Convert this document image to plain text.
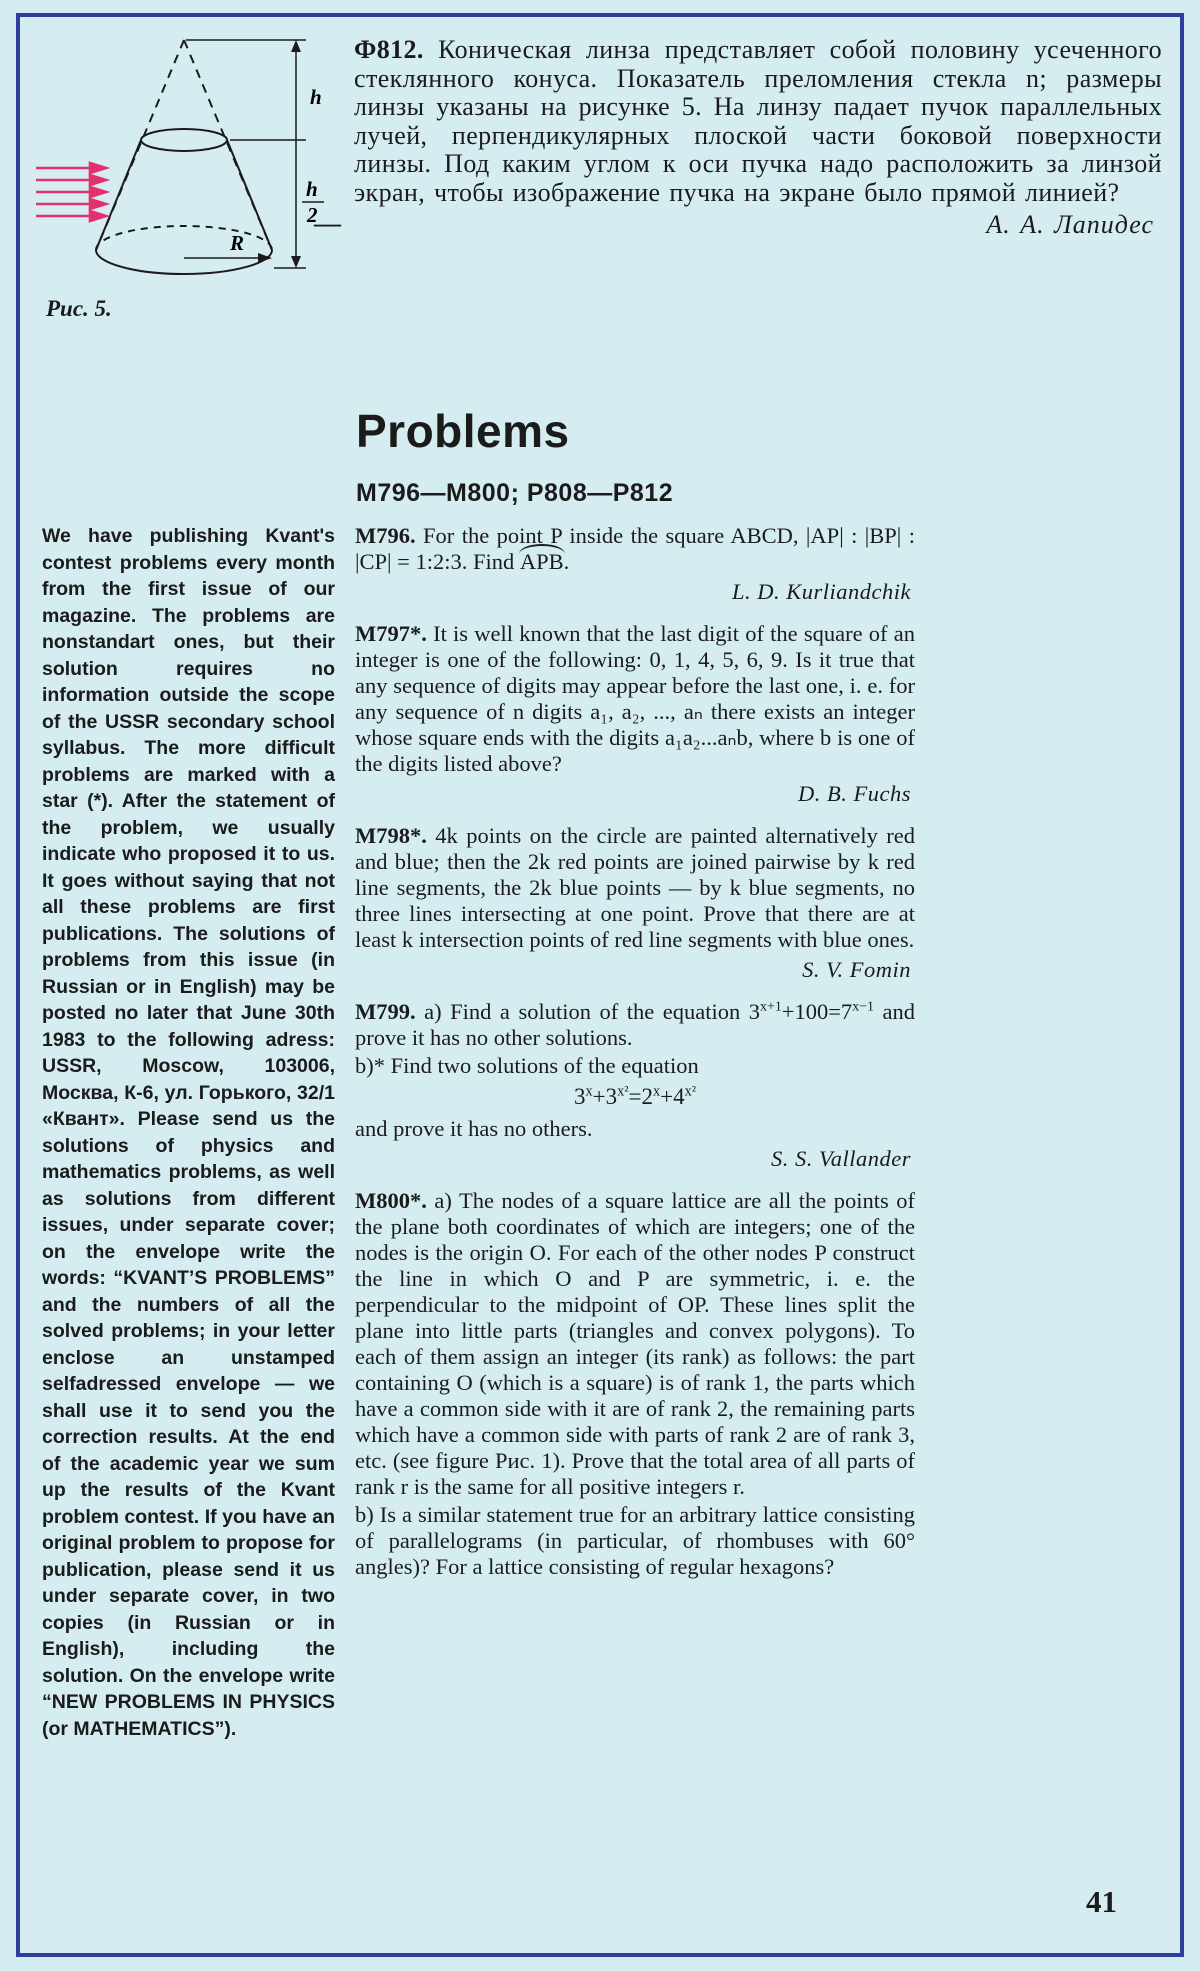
h
h
2
R
Рис. 5.
—

Ф812. Коническая линза представляет собой половину усеченного стеклянного конуса. Показатель преломления стекла n; размеры линзы указаны на рисунке 5. На линзу падает пучок параллельных лучей, перпендикулярных плоской части боковой поверхности линзы. Под каким углом к оси пучка надо расположить за линзой экран, чтобы изображение пучка на экране было прямой линией?

А. А. Лапидес
Problems
M796—M800; P808—P812
We have publishing Kvant's contest problems every month from the first issue of our magazine. The problems are nonstandart ones, but their solution requires no information outside the scope of the USSR secondary school syllabus. The more difficult problems are marked with a star (*). After the statement of the problem, we usually indicate who proposed it to us. It goes without saying that not all these problems are first publications. The solutions of problems from this issue (in Russian or in English) may be posted no later that June 30th 1983 to the following adress: USSR, Moscow, 103006, Москва, К-6, ул. Горького, 32/1 «Квант». Please send us the solutions of physics and mathematics problems, as well as solutions from different issues, under separate cover; on the envelope write the words: “KVANT’S PROBLEMS” and the numbers of all the solved problems; in your letter enclose an unstamped selfadressed envelope — we shall use it to send you the correction results. At the end of the academic year we sum up the results of the Kvant problem contest. If you have an original problem to propose for publication, please send it us under separate cover, in two copies (in Russian or in English), including the solution. On the envelope write “NEW PROBLEMS IN PHYSICS (or MATHEMATICS”).

M796. For the point P inside the square ABCD, |AP| : |BP| : |CP| = 1:2:3. Find APB.

L. D. Kurliandchik

M797*. It is well known that the last digit of the square of an integer is one of the following: 0, 1, 4, 5, 6, 9. Is it true that any sequence of digits may appear before the last one, i. e. for any sequence of n digits a₁, a₂, ..., aₙ there exists an integer whose square ends with the digits a₁a₂...aₙb, where b is one of the digits listed above?

D. B. Fuchs

M798*. 4k points on the circle are painted alternatively red and blue; then the 2k red points are joined pairwise by k red line segments, the 2k blue points — by k blue segments, no three lines intersecting at one point. Prove that there are at least k intersection points of red line segments with blue ones.

S. V. Fomin

M799. a) Find a solution of the equation $3^{x+1}+100=7^{x-1}$ and prove it has no other solutions.

b)* Find two solutions of the equation

$3^x+3^{x^2}=2^x+4^{x^2}$

and prove it has no others.

S. S. Vallander

M800*. a) The nodes of a square lattice are all the points of the plane both coordinates of which are integers; one of the nodes is the origin O. For each of the other nodes P construct the line in which O and P are symmetric, i. e. the perpendicular to the midpoint of OP. These lines split the plane into little parts (triangles and convex polygons). To each of them assign an integer (its rank) as follows: the part containing O (which is a square) is of rank 1, the parts which have a common side with it are of rank 2, the remaining parts which have a common side with parts of rank 2 are of rank 3, etc. (see figure Рис. 1). Prove that the total area of all parts of rank r is the same for all positive integers r.

b) Is a similar statement true for an arbitrary lattice consisting of parallelograms (in particular, of rhombuses with 60° angles)? For a lattice consisting of regular hexagons?

41
